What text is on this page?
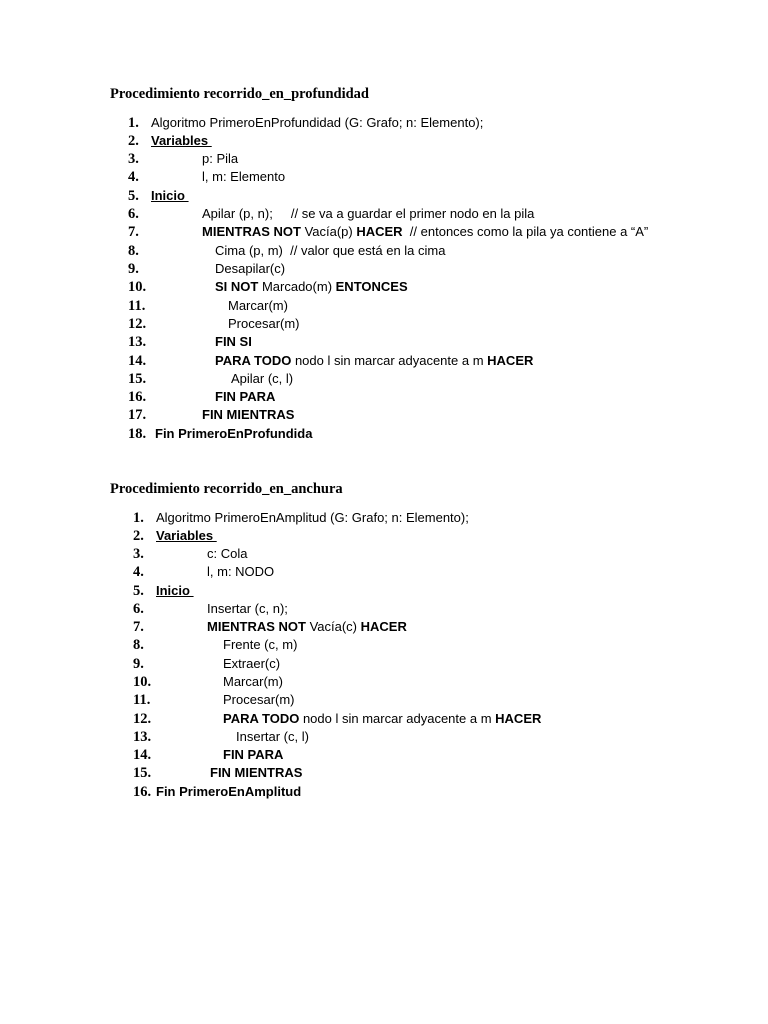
Procedimiento recorrido_en_profundidad
1. Algoritmo PrimeroEnProfundidad (G: Grafo; n: Elemento);
2. Variables
3.	p: Pila
4.	l, m: Elemento
5. Inicio
6.	Apilar (p, n);     // se va a guardar el primer nodo en la pila
7.	MIENTRAS NOT Vacía(p) HACER  // entonces como la pila ya contiene a “A”
8.	Cima (p, m)  // valor que está en la cima
9.	Desapilar(c)
10.	SI NOT Marcado(m) ENTONCES
11.	Marcar(m)
12.	Procesar(m)
13.	FIN SI
14.	PARA TODO nodo l sin marcar adyacente a m HACER
15.	Apilar (c, l)
16.	FIN PARA
17.	FIN MIENTRAS
18. Fin PrimeroEnProfundida
Procedimiento recorrido_en_anchura
1. Algoritmo PrimeroEnAmplitud (G: Grafo; n: Elemento);
2. Variables
3.	c: Cola
4.	l, m: NODO
5. Inicio
6.	Insertar (c, n);
7.	MIENTRAS NOT Vacía(c) HACER
8.	Frente (c, m)
9.	Extraer(c)
10.	Marcar(m)
11.	Procesar(m)
12.	PARA TODO nodo l sin marcar adyacente a m HACER
13.	Insertar (c, l)
14.	FIN PARA
15.	FIN MIENTRAS
16. Fin PrimeroEnAmplitud
